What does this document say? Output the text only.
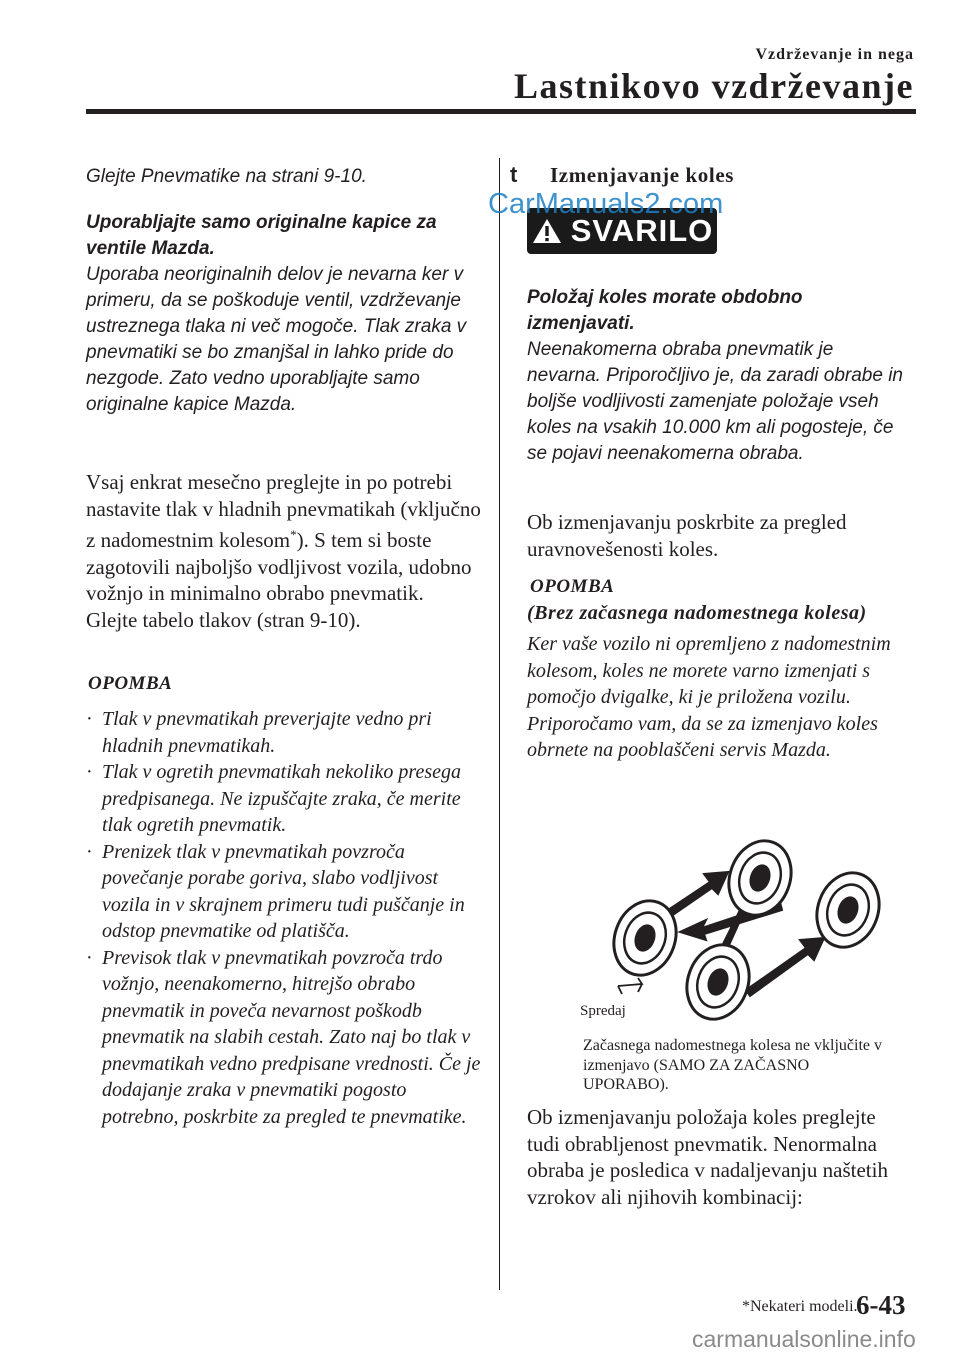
Vzdrževanje in nega
Lastnikovo vzdrževanje
Glejte Pnevmatike na strani 9-10.
Uporabljajte samo originalne kapice za ventile Mazda.
Uporaba neoriginalnih delov je nevarna ker v primeru, da se poškoduje ventil, vzdrževanje ustreznega tlaka ni več mogoče. Tlak zraka v pnevmatiki se bo zmanjšal in lahko pride do nezgode. Zato vedno uporabljajte samo originalne kapice Mazda.
Vsaj enkrat mesečno preglejte in po potrebi nastavite tlak v hladnih pnevmatikah (vključno z nadomestnim kolesom*). S tem si boste zagotovili najboljšo vodljivost vozila, udobno vožnjo in minimalno obrabo pnevmatik.
Glejte tabelo tlakov (stran 9-10).
OPOMBA
· Tlak v pnevmatikah preverjajte vedno pri hladnih pnevmatikah.
· Tlak v ogretih pnevmatikah nekoliko presega predpisanega. Ne izpuščajte zraka, če merite tlak ogretih pnevmatik.
· Prenizek tlak v pnevmatikah povzroča povečanje porabe goriva, slabo vodljivost vozila in v skrajnem primeru tudi puščanje in odstop pnevmatike od platišča.
· Previsok tlak v pnevmatikah povzroča trdo vožnjo, neenakomerno, hitrejšo obrabo pnevmatik in poveča nevarnost poškodb pnevmatik na slabih cestah. Zato naj bo tlak v pnevmatikah vedno predpisane vrednosti. Če je dodajanje zraka v pnevmatiki pogosto potrebno, poskrbite za pregled te pnevmatike.
t Izmenjavanje koles
SVARILO
CarManuals2.com
Položaj koles morate obdobno izmenjavati.
Neenakomerna obraba pnevmatik je nevarna. Priporočljivo je, da zaradi obrabe in boljše vodljivosti zamenjate položaje vseh koles na vsakih 10.000 km ali pogosteje, če se pojavi neenakomerna obraba.
Ob izmenjavanju poskrbite za pregled uravnovešenosti koles.
OPOMBA
(Brez začasnega nadomestnega kolesa)
Ker vaše vozilo ni opremljeno z nadomestnim kolesom, koles ne morete varno izmenjati s pomočjo dvigalke, ki je priložena vozilu. Priporočamo vam, da se za izmenjavo koles obrnete na pooblaščeni servis Mazda.
Spredaj
Začasnega nadomestnega kolesa ne vključite v izmenjavo (SAMO ZA ZAČASNO UPORABO).
Ob izmenjavanju položaja koles preglejte tudi obrabljenost pnevmatik. Nenormalna obraba je posledica v nadaljevanju naštetih vzrokov ali njihovih kombinacij:
*Nekateri modeli.
6-43
carmanualsonline.info
